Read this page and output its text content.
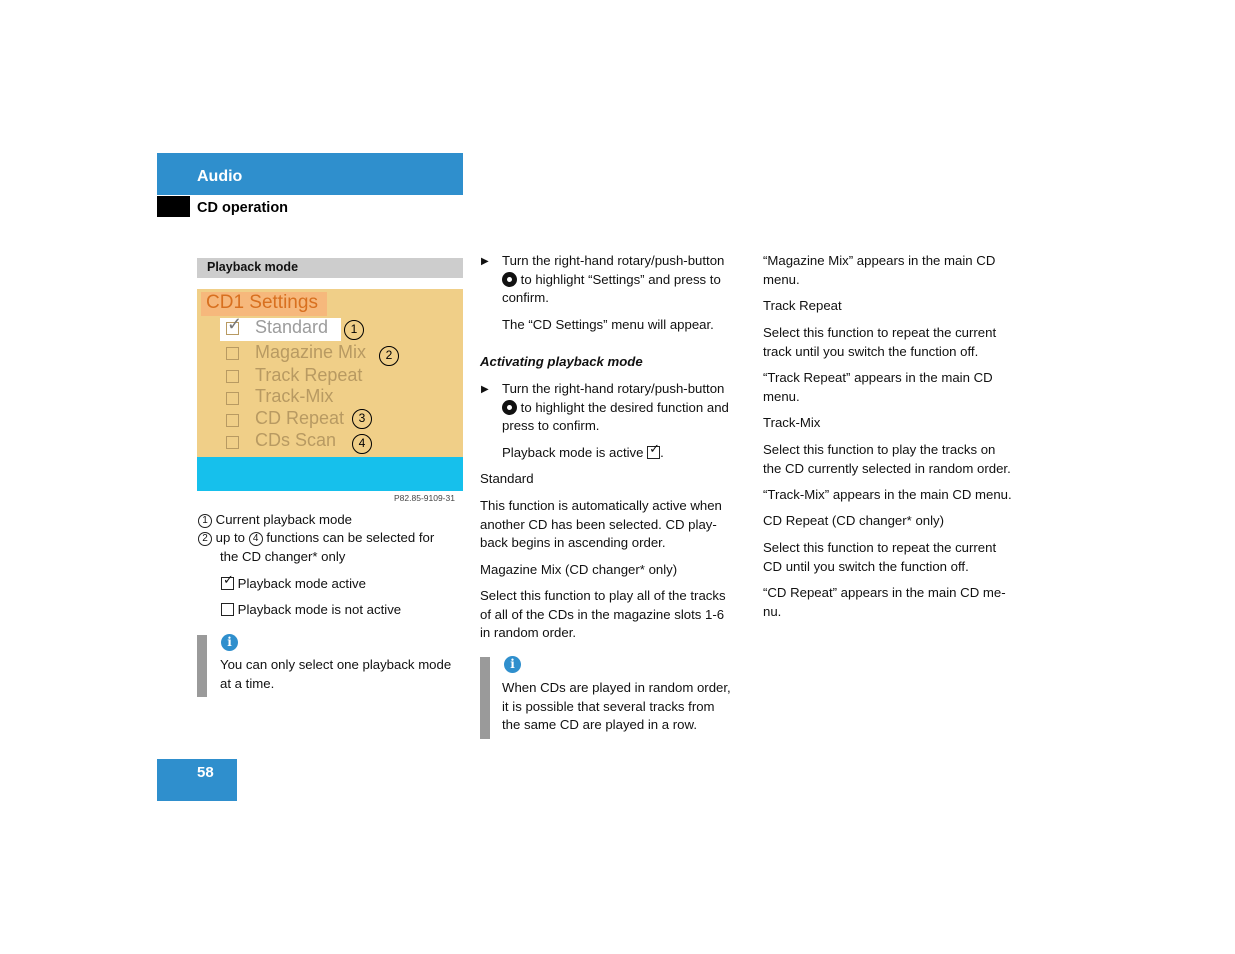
Audio
CD operation
Playback mode
CD1 Settings
✓ Standard
Magazine Mix
Track Repeat
Track-Mix
CD Repeat
CDs Scan
1
2
3
4
P82.85-9109-31
1 Current playback mode
2 up to 4 functions can be selected for
the CD changer* only
✓ Playback mode active
Playback mode is not active
i
You can only select one playback mode
at a time.
▶ Turn the right-hand rotary/push-button
to highlight “Settings” and press to
confirm.
The “CD Settings” menu will appear.
Activating playback mode
▶ Turn the right-hand rotary/push-button
to highlight the desired function and
press to confirm.
Playback mode is active ✓ .
Standard
This function is automatically active when
another CD has been selected. CD play-
back begins in ascending order.
Magazine Mix (CD changer* only)
Select this function to play all of the tracks
of all of the CDs in the magazine slots 1-6
in random order.
i
When CDs are played in random order,
it is possible that several tracks from
the same CD are played in a row.
“Magazine Mix” appears in the main CD
menu.
Track Repeat
Select this function to repeat the current
track until you switch the function off.
“Track Repeat” appears in the main CD
menu.
Track-Mix
Select this function to play the tracks on
the CD currently selected in random order.
“Track-Mix” appears in the main CD menu.
CD Repeat (CD changer* only)
Select this function to repeat the current
CD until you switch the function off.
“CD Repeat” appears in the main CD me-
nu.
58
